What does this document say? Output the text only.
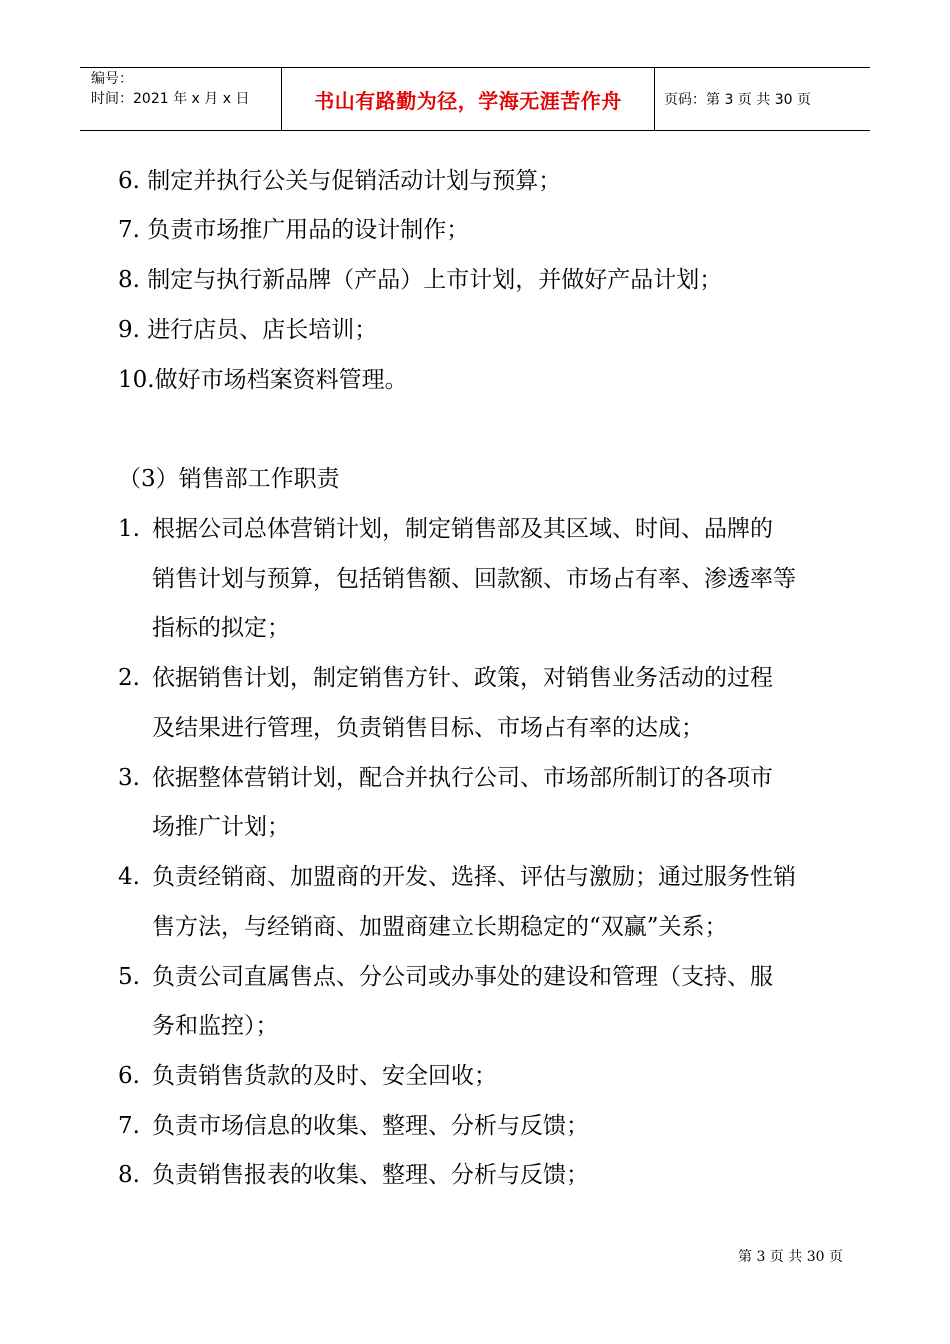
编号：
时间：2021 年 x 月 x 日	书山有路勤为径，学海无涯苦作舟	页码：第 3 页 共 30 页
6. 制定并执行公关与促销活动计划与预算；
7. 负责市场推广用品的设计制作；
8. 制定与执行新品牌（产品）上市计划，并做好产品计划；
9. 进行店员、店长培训；
10.做好市场档案资料管理。
（3）销售部工作职责
1. 根据公司总体营销计划，制定销售部及其区域、时间、品牌的
销售计划与预算，包括销售额、回款额、市场占有率、渗透率等
指标的拟定；
2. 依据销售计划，制定销售方针、政策，对销售业务活动的过程
及结果进行管理，负责销售目标、市场占有率的达成；
3. 依据整体营销计划，配合并执行公司、市场部所制订的各项市
场推广计划；
4. 负责经销商、加盟商的开发、选择、评估与激励；通过服务性销
售方法，与经销商、加盟商建立长期稳定的“双赢”关系；
5. 负责公司直属售点、分公司或办事处的建设和管理（支持、服
务和监控）；
6. 负责销售货款的及时、安全回收；
7. 负责市场信息的收集、整理、分析与反馈；
8. 负责销售报表的收集、整理、分析与反馈；
第 3 页 共 30 页
